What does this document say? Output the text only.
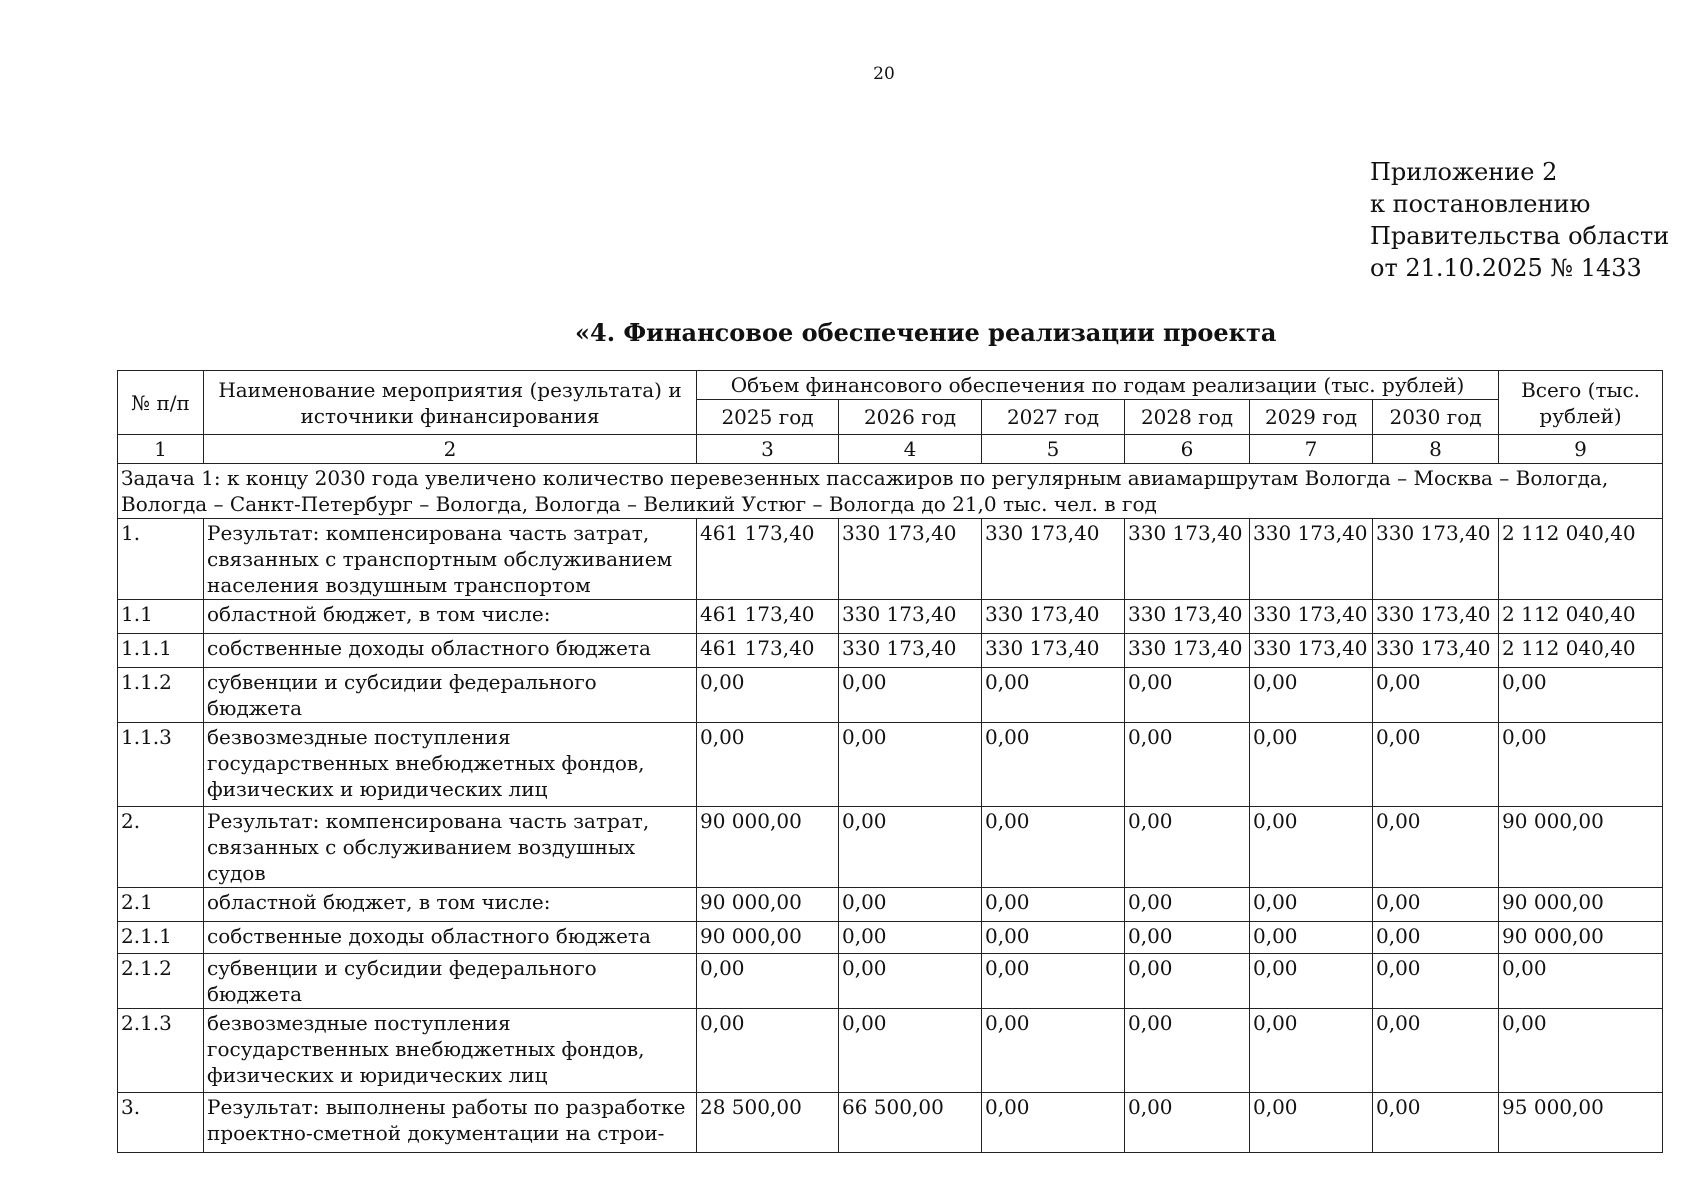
20
Приложение 2
к постановлению
Правительства области
от 21.10.2025 № 1433
«4. Финансовое обеспечение реализации проекта
№ п/п	Наименование мероприятия (результата) и источники финансирования	Объем финансового обеспечения по годам реализации (тыс. рублей)						Всего (тыс. рублей)
		2025 год	2026 год	2027 год	2028 год	2029 год	2030 год	
1	2	3	4	5	6	7	8	9
Задача 1: к концу 2030 года увеличено количество перевезенных пассажиров по регулярным авиамаршрутам Вологда – Москва – Вологда, Вологда – Санкт-Петербург – Вологда, Вологда – Великий Устюг – Вологда до 21,0 тыс. чел. в год								
1.	Результат: компенсирована часть затрат, связанных с транспортным обслуживанием населения воздушным транспортом	461 173,40	330 173,40	330 173,40	330 173,40	330 173,40	330 173,40	2 112 040,40
1.1	областной бюджет, в том числе:	461 173,40	330 173,40	330 173,40	330 173,40	330 173,40	330 173,40	2 112 040,40
1.1.1	собственные доходы областного бюджета	461 173,40	330 173,40	330 173,40	330 173,40	330 173,40	330 173,40	2 112 040,40
1.1.2	субвенции и субсидии федерального бюджета	0,00	0,00	0,00	0,00	0,00	0,00	0,00
1.1.3	безвозмездные поступления государственных внебюджетных фондов, физических и юридических лиц	0,00	0,00	0,00	0,00	0,00	0,00	0,00
2.	Результат: компенсирована часть затрат, связанных с обслуживанием воздушных судов	90 000,00	0,00	0,00	0,00	0,00	0,00	90 000,00
2.1	областной бюджет, в том числе:	90 000,00	0,00	0,00	0,00	0,00	0,00	90 000,00
2.1.1	собственные доходы областного бюджета	90 000,00	0,00	0,00	0,00	0,00	0,00	90 000,00
2.1.2	субвенции и субсидии федерального бюджета	0,00	0,00	0,00	0,00	0,00	0,00	0,00
2.1.3	безвозмездные поступления государственных внебюджетных фондов, физических и юридических лиц	0,00	0,00	0,00	0,00	0,00	0,00	0,00
3.	Результат: выполнены работы по разработке проектно-сметной документации на строи-	28 500,00	66 500,00	0,00	0,00	0,00	0,00	95 000,00
